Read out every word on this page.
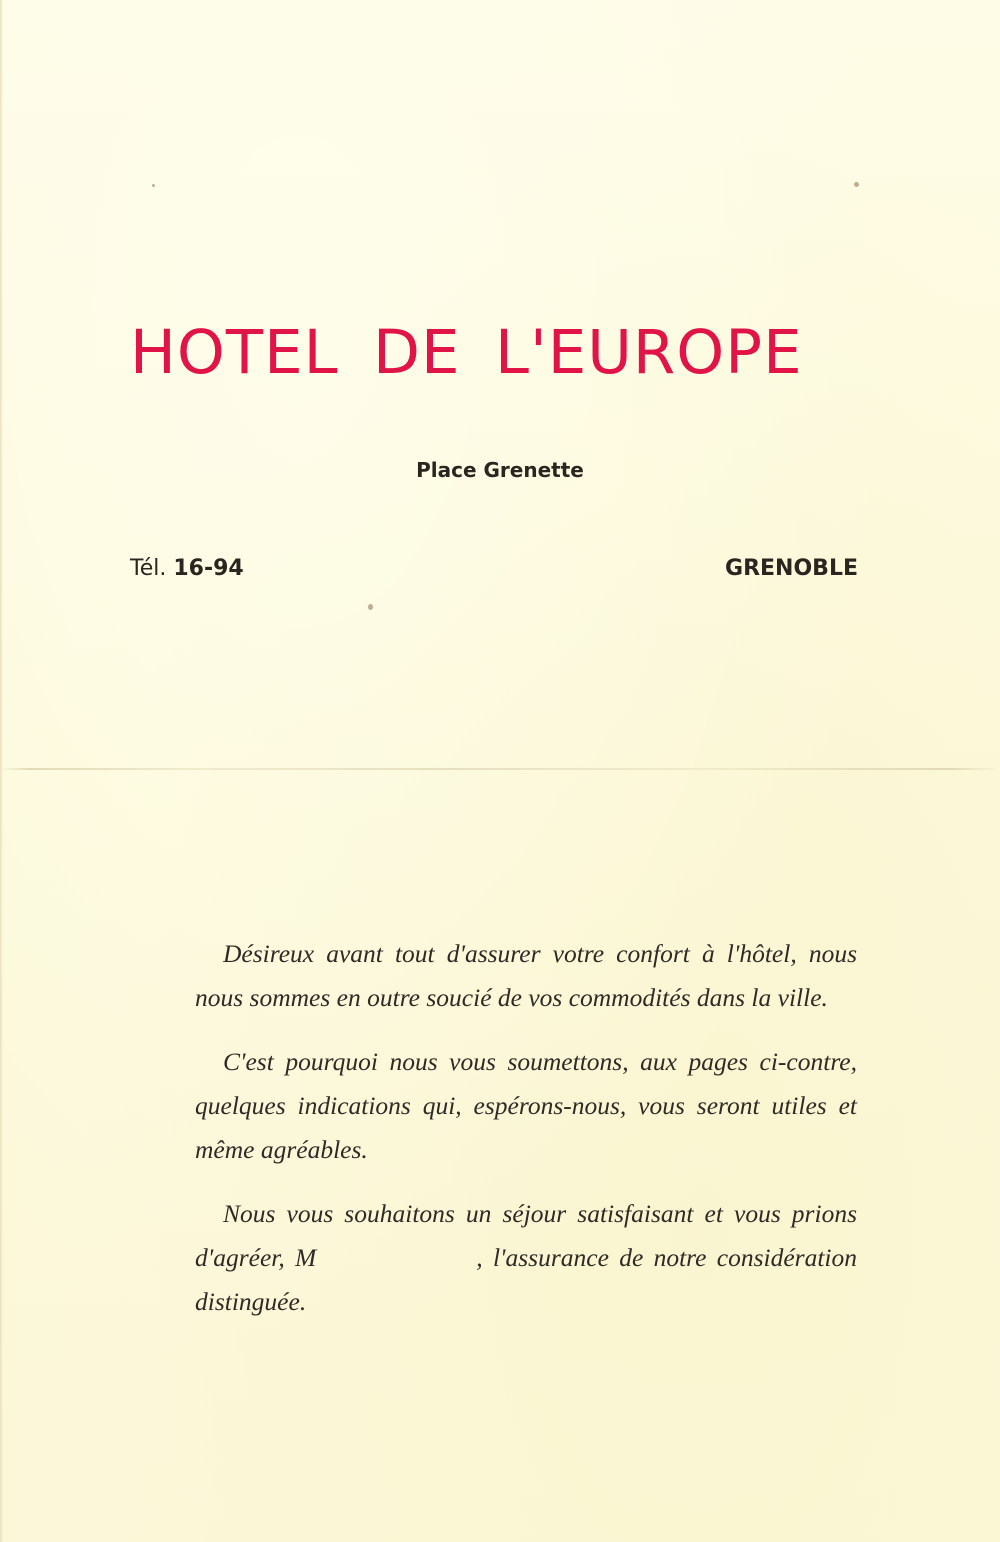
HOTEL DE L'EUROPE
Place Grenette
Tél. 16-94	GRENOBLE

Désireux avant tout d'assurer votre confort à l'hôtel, nous nous sommes en outre soucié de vos commodités dans la ville.

C'est pourquoi nous vous soumettons, aux pages ci-contre, quelques indications qui, espérons-nous, vous seront utiles et même agréables.

Nous vous souhaitons un séjour satisfaisant et vous prions d'agréer, M	, l'assurance de notre considération distinguée.
